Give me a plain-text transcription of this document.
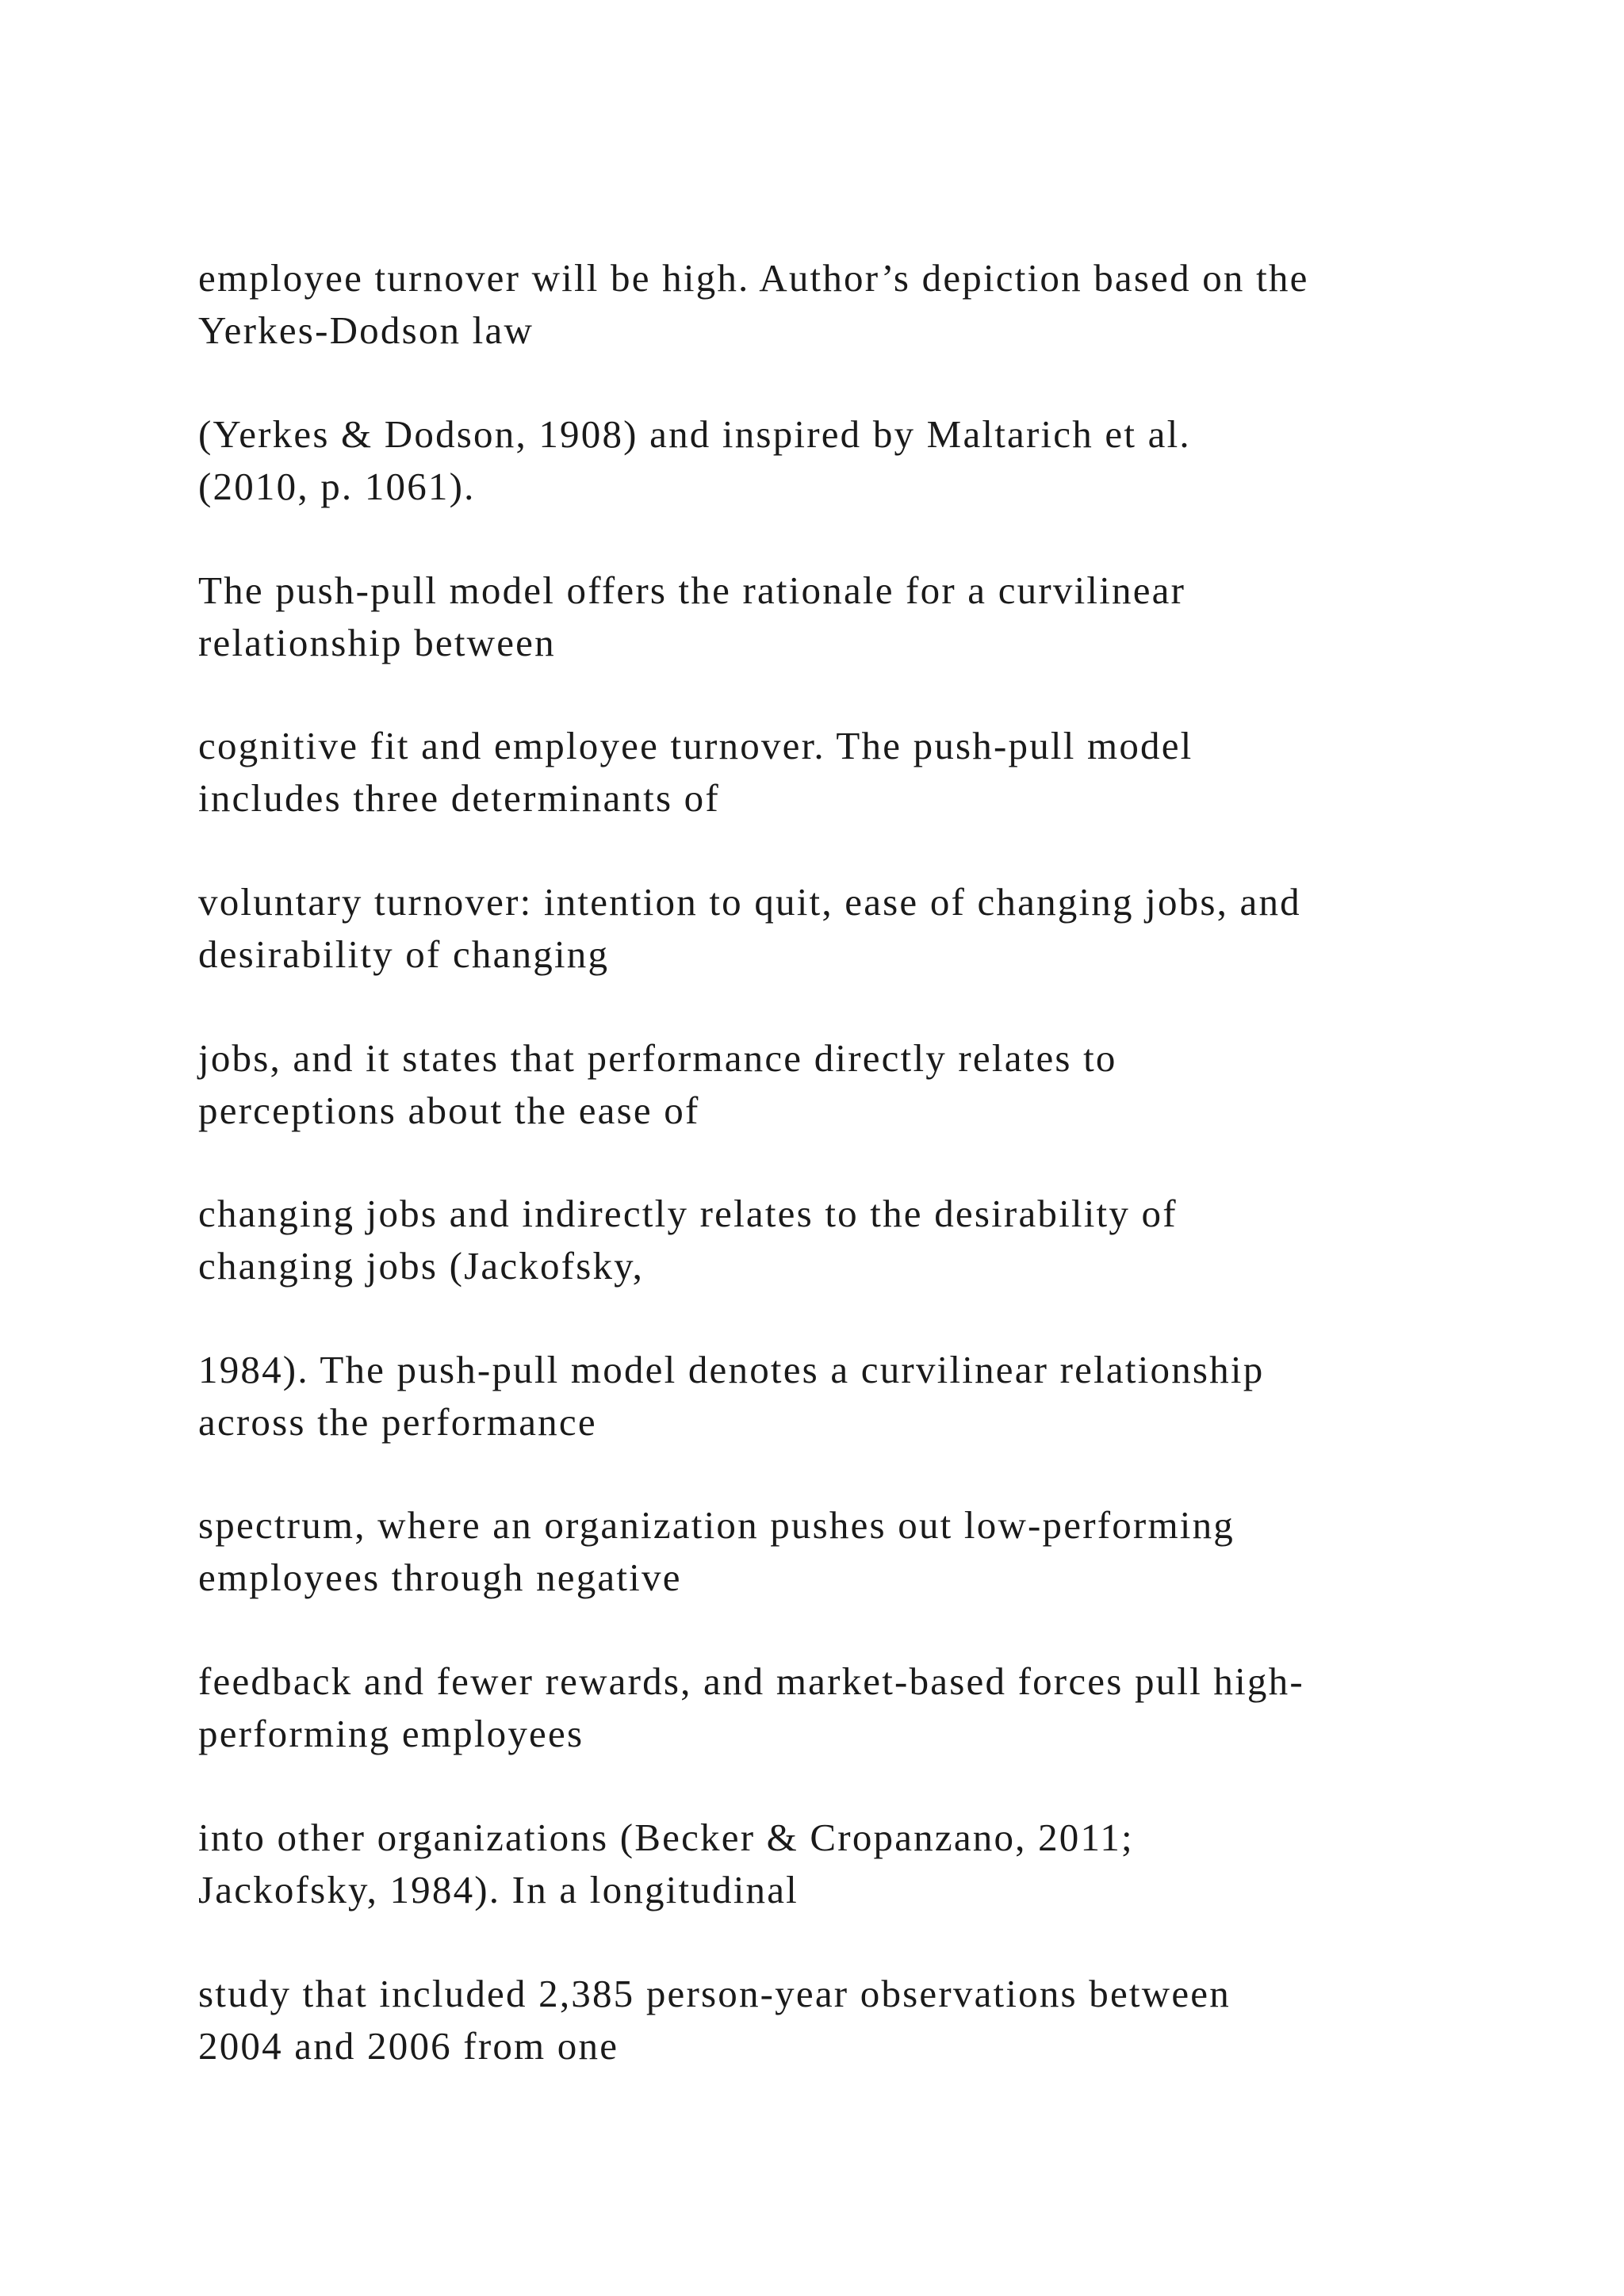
employee turnover will be high. Author’s depiction based on the
Yerkes-Dodson law

(Yerkes & Dodson, 1908) and inspired by Maltarich et al.
(2010, p. 1061).

The push-pull model offers the rationale for a curvilinear
relationship between

cognitive fit and employee turnover. The push-pull model
includes three determinants of

voluntary turnover: intention to quit, ease of changing jobs, and
desirability of changing

jobs, and it states that performance directly relates to
perceptions about the ease of

changing jobs and indirectly relates to the desirability of
changing jobs (Jackofsky,

1984). The push-pull model denotes a curvilinear relationship
across the performance

spectrum, where an organization pushes out low-performing
employees through negative

feedback and fewer rewards, and market-based forces pull high-
performing employees

into other organizations (Becker & Cropanzano, 2011;
Jackofsky, 1984). In a longitudinal

study that included 2,385 person-year observations between
2004 and 2006 from one
